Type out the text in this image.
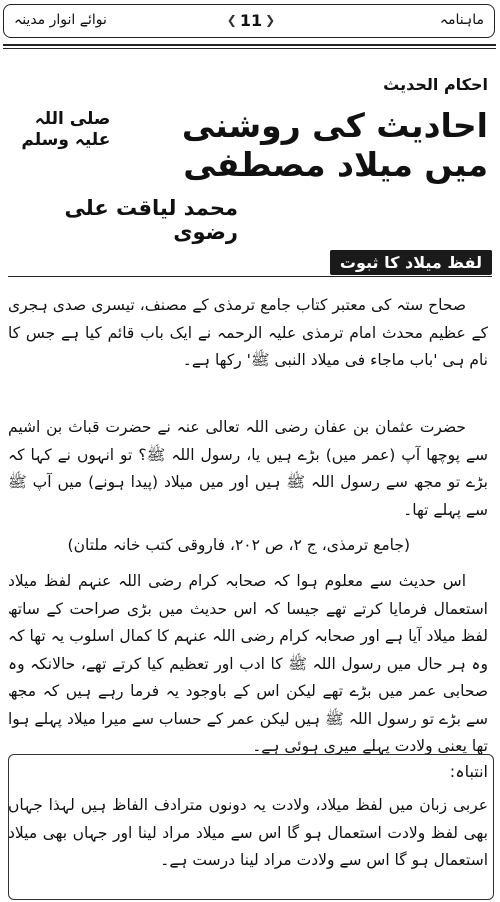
ماہنامہ
❮ 11 ❯
نوائے انوار مدینہ
احکام الحدیث
احادیث کی روشنی میں میلاد مصطفی
صلی اللہ علیہ وسلم
محمد لیاقت علی رضوی
لفظ میلاد کا ثبوت

صحاح ستہ کی معتبر کتاب جامع ترمذی کے مصنف، تیسری صدی ہجری کے عظیم محدث امام ترمذی علیہ الرحمہ نے ایک باب قائم کیا ہے جس کا نام ہی 'باب ماجاء فی میلاد النبی ﷺ' رکھا ہے۔

حضرت عثمان بن عفان رضی اللہ تعالی عنہ نے حضرت قباث بن اشیم سے پوچھا آپ (عمر میں) بڑے ہیں یا، رسول اللہ ﷺ؟ تو انہوں نے کہا کہ بڑے تو مجھ سے رسول اللہ ﷺ ہیں اور میں میلاد (پیدا ہونے) میں آپ ﷺ سے پہلے تھا۔

(جامع ترمذی، ج ۲، ص ۲۰۲، فاروقی کتب خانہ ملتان)

اس حدیث سے معلوم ہوا کہ صحابہ کرام رضی اللہ عنہم لفظ میلاد استعمال فرمایا کرتے تھے جیسا کہ اس حدیث میں بڑی صراحت کے ساتھ لفظ میلاد آیا ہے اور صحابہ کرام رضی اللہ عنہم کا کمال اسلوب یہ تھا کہ وہ ہر حال میں رسول اللہ ﷺ کا ادب اور تعظیم کیا کرتے تھے، حالانکہ وہ صحابی عمر میں بڑے تھے لیکن اس کے باوجود یہ فرما رہے ہیں کہ مجھ سے بڑے تو رسول اللہ ﷺ ہیں لیکن عمر کے حساب سے میرا میلاد پہلے ہوا تھا یعنی ولادت پہلے میری ہوئی ہے۔

انتباہ:

عربی زبان میں لفظ میلاد، ولادت یہ دونوں مترادف الفاظ ہیں لہذا جہاں بھی لفظ ولادت استعمال ہو گا اس سے میلاد مراد لینا اور جہاں بھی میلاد استعمال ہو گا اس سے ولادت مراد لینا درست ہے۔
